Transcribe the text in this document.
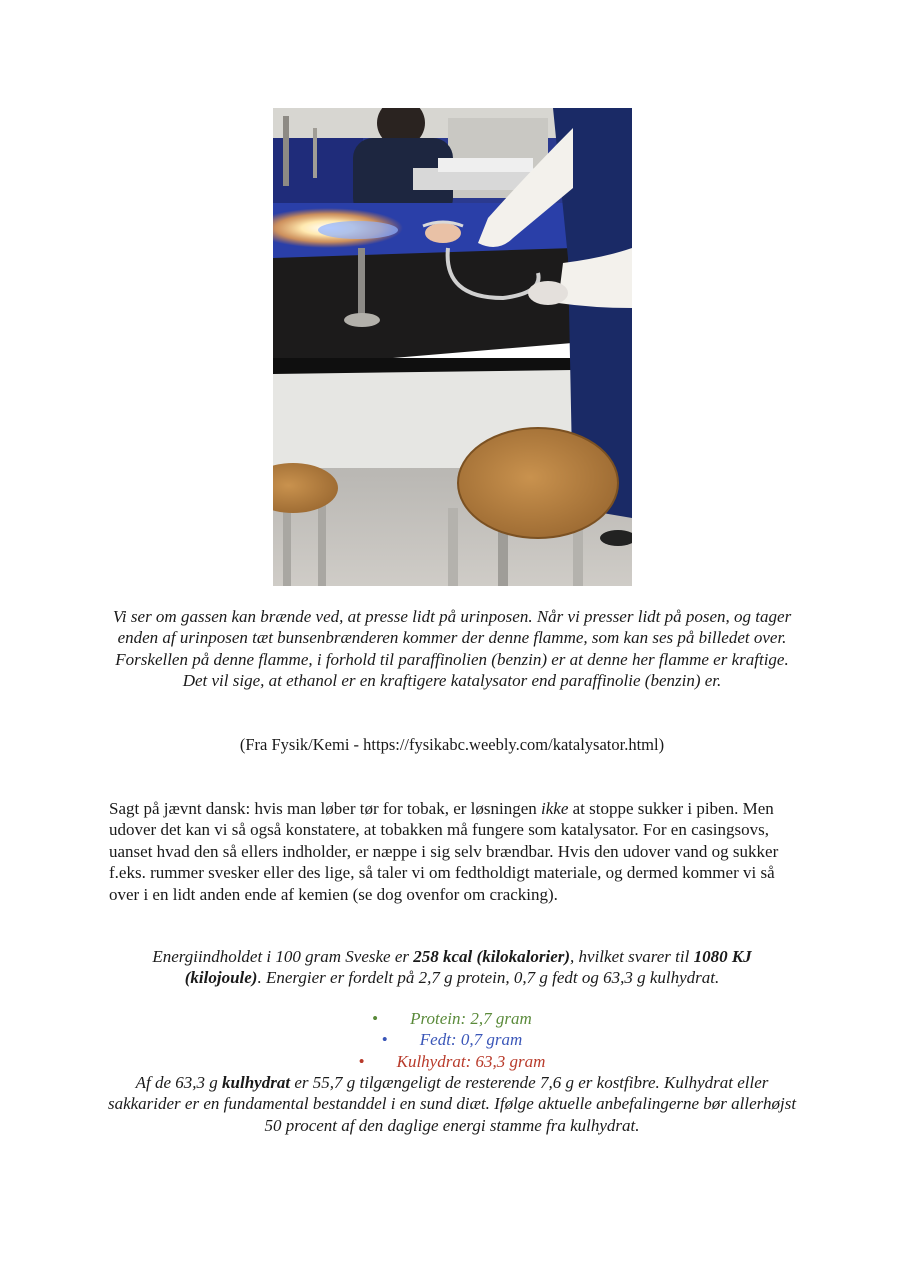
Vi ser om gassen kan brænde ved, at presse lidt på urinposen. Når vi presser lidt på posen, og tager enden af urinposen tæt bunsenbrænderen kommer der denne flamme, som kan ses på billedet over. Forskellen på denne flamme, i forhold til paraffinolien (benzin) er at denne her flamme er kraftige. Det vil sige, at ethanol er en kraftigere katalysator end paraffinolie (benzin) er.
(Fra Fysik/Kemi - https://fysikabc.weebly.com/katalysator.html)
Sagt på jævnt dansk: hvis man løber tør for tobak, er løsningen ikke at stoppe sukker i piben. Men udover det kan vi så også konstatere, at tobakken må fungere som katalysator. For en casingsovs, uanset hvad den så ellers indholder, er næppe i sig selv brændbar. Hvis den udover vand og sukker f.eks. rummer svesker eller des lige, så taler vi om fedtholdigt materiale, og dermed kommer vi så over i en lidt anden ende af kemien (se dog ovenfor om cracking).
Energiindholdet i 100 gram Sveske er 258 kcal (kilokalorier), hvilket svarer til 1080 KJ (kilojoule). Energier er fordelt på 2,7 g protein, 0,7 g fedt og 63,3 g kulhydrat.
• Protein: 2,7 gram
• Fedt: 0,7 gram
• Kulhydrat: 63,3 gram
Af de 63,3 g kulhydrat er 55,7 g tilgængeligt de resterende 7,6 g er kostfibre. Kulhydrat eller sakkarider er en fundamental bestanddel i en sund diæt. Ifølge aktuelle anbefalingerne bør allerhøjst 50 procent af den daglige energi stamme fra kulhydrat.
